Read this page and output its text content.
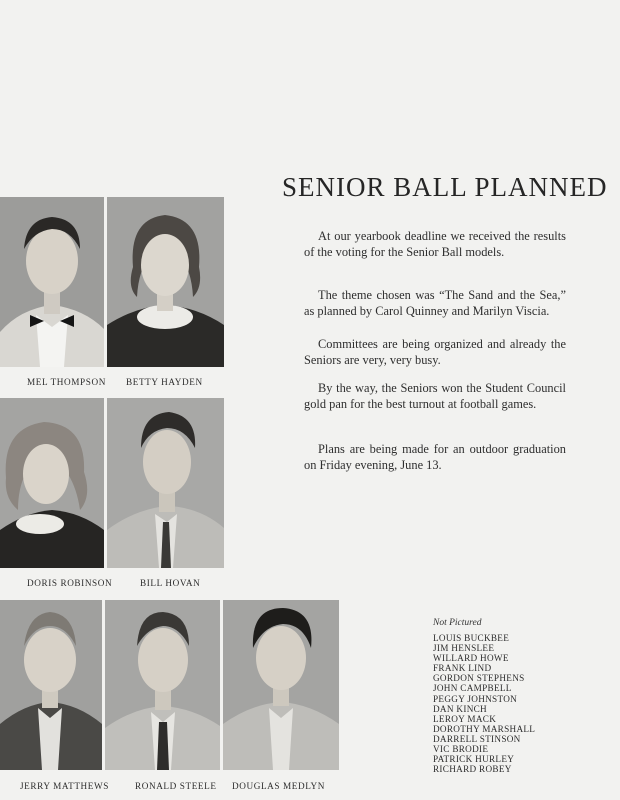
SENIOR BALL PLANNED

At our yearbook deadline we received the results of the voting for the Senior Ball models.

The theme chosen was “The Sand and the Sea,” as planned by Carol Quinney and Marilyn Viscia.

Committees are being organized and already the Seniors are very, very busy.

By the way, the Seniors won the Student Council gold pan for the best turnout at football games.

Plans are being made for an outdoor graduation on Friday evening, June 13.

MEL THOMPSON BETTY HAYDEN
DORIS ROBINSON	BILL HOVAN
JERRY MATTHEWS	RONALD STEELE DOUGLAS MEDLYN
Not Pictured
LOUIS BUCKBEE
JIM HENSLEE
WILLARD HOWE
FRANK LIND
GORDON STEPHENS
JOHN CAMPBELL
PEGGY JOHNSTON
DAN KINCH
LEROY MACK
DOROTHY MARSHALL
DARRELL STINSON
VIC BRODIE
PATRICK HURLEY
RICHARD ROBEY
